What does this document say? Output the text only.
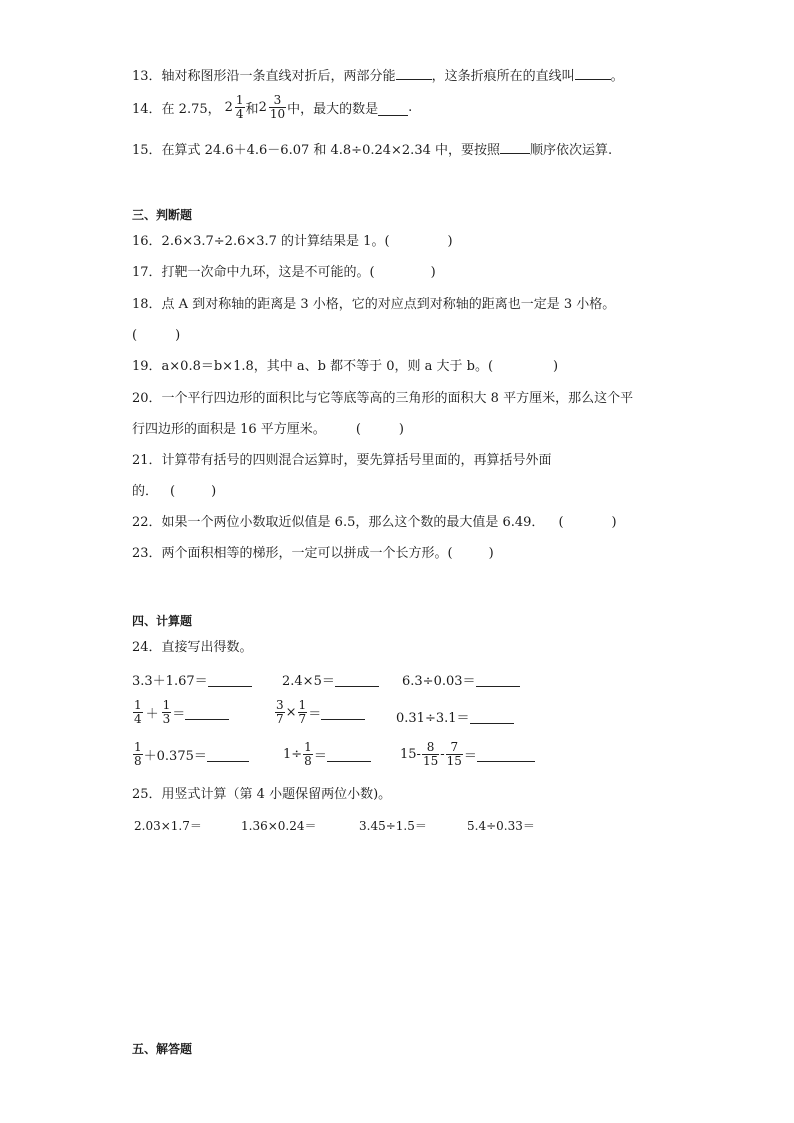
13．轴对称图形沿一条直线对折后，两部分能	，这条折痕所在的直线叫	。
14． 在 2.75， $2 \frac{1}{4}$ 和 $2 \frac{3}{10}$ 中，最大的数是 .
15．在算式 24.6＋4.6－6.07 和 4.8÷0.24×2.34 中，要按照 顺序依次运算.
三、判断题
16．2.6×3.7÷2.6×3.7 的计算结果是 1。(	)
17．打靶一次命中九环，这是不可能的。(	)
18．点 A 到对称轴的距离是 3 小格，它的对应点到对称轴的距离也一定是 3 小格。
(	)
19．a×0.8＝b×1.8，其中 a、b 都不等于 0，则 a 大于 b。(	)
20．一个平行四边形的面积比与它等底等高的三角形的面积大 8 平方厘米，那么这个平
行四边形的面积是 16 平方厘米。 (	)
21．计算带有括号的四则混合运算时，要先算括号里面的，再算括号外面
的． (	)
22．如果一个两位小数取近似值是 6.5，那么这个数的最大值是 6.49． (	)
23．两个面积相等的梯形，一定可以拼成一个长方形。(	)
四、计算题
24．直接写出得数。
3.3＋1.67＝	2.4×5＝	6.3÷0.03＝
$\frac{1}{4} + \frac{1}{3}$ ＝	$\frac{3}{7} \times \frac{1}{7}$ ＝	0.31÷3.1＝
$\frac{1}{8} +0.375=$	$1\div \frac{1}{8}$ ＝	$15- \frac{8}{15} - \frac{7}{15}$ ＝
25．用竖式计算（第 4 小题保留两位小数)。
2.03×1.7＝	1.36×0.24＝	3.45÷1.5＝	5.4÷0.33＝
五、解答题
